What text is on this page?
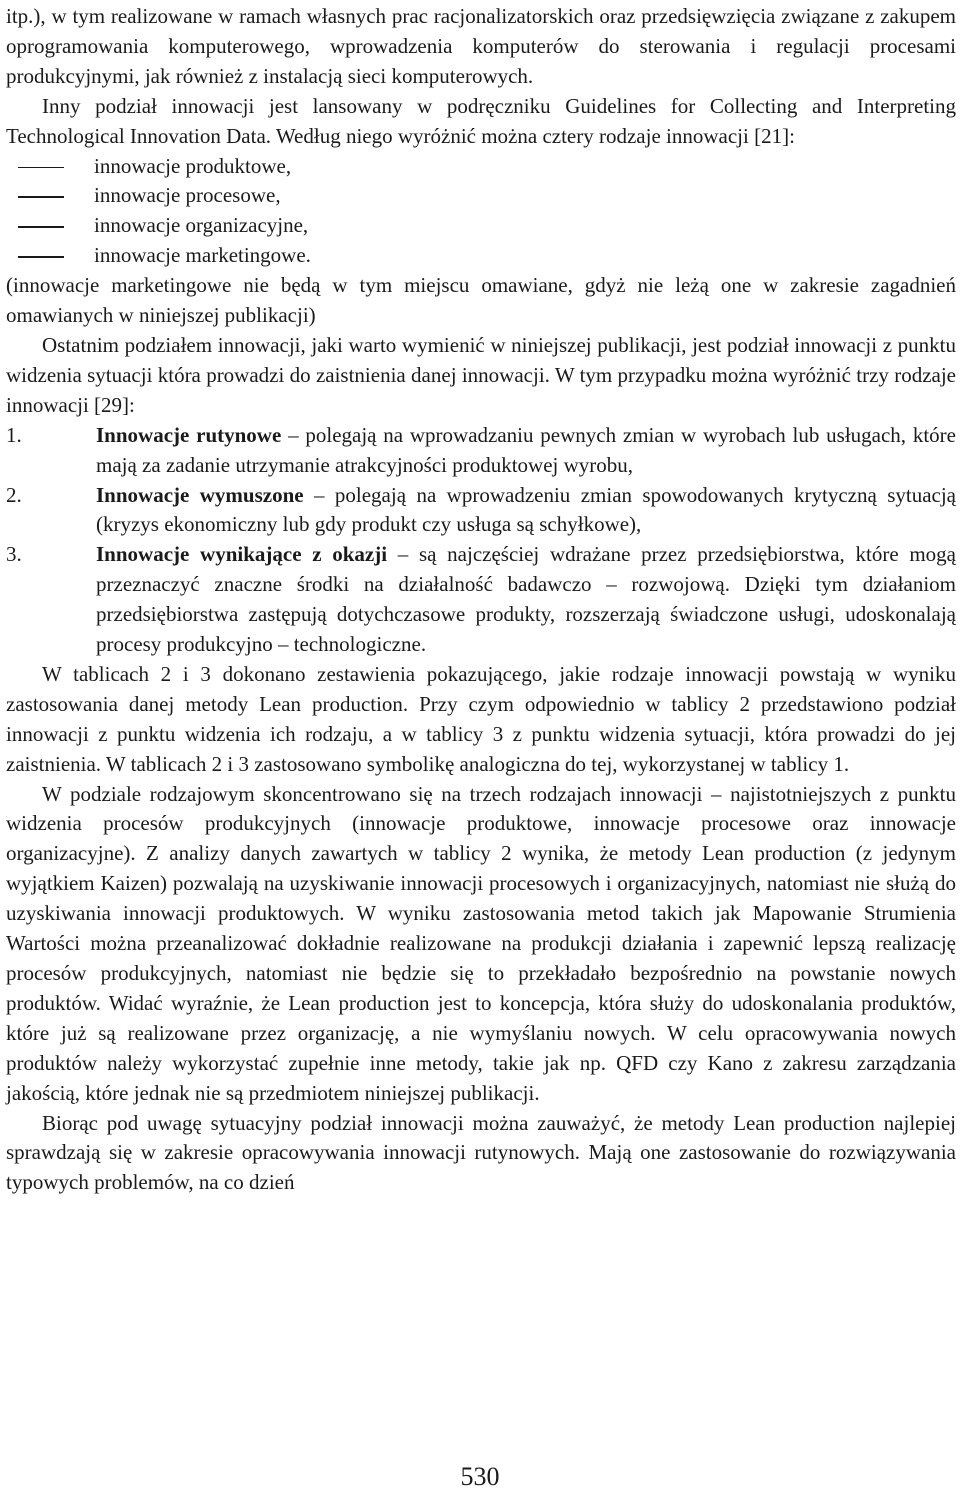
itp.), w tym realizowane w ramach własnych prac racjonalizatorskich oraz przedsięwzięcia związane z zakupem oprogramowania komputerowego, wprowadzenia komputerów do sterowania i regulacji procesami produkcyjnymi, jak również z instalacją sieci komputerowych.

Inny podział innowacji jest lansowany w podręczniku Guidelines for Collecting and Interpreting Technological Innovation Data. Według niego wyróżnić można cztery rodzaje innowacji [21]:

innowacje produktowe,
innowacje procesowe,
innowacje organizacyjne,
innowacje marketingowe.

(innowacje marketingowe nie będą w tym miejscu omawiane, gdyż nie leżą one w zakresie zagadnień omawianych w niniejszej publikacji)

Ostatnim podziałem innowacji, jaki warto wymienić w niniejszej publikacji, jest podział innowacji z punktu widzenia sytuacji która prowadzi do zaistnienia danej innowacji. W tym przypadku można wyróżnić trzy rodzaje innowacji [29]:

1.	Innowacje rutynowe – polegają na wprowadzaniu pewnych zmian w wyrobach lub usługach, które mają za zadanie utrzymanie atrakcyjności produktowej wyrobu,
2.	Innowacje wymuszone – polegają na wprowadzeniu zmian spowodowanych krytyczną sytuacją (kryzys ekonomiczny lub gdy produkt czy usługa są schyłkowe),
3.	Innowacje wynikające z okazji – są najczęściej wdrażane przez przedsiębiorstwa, które mogą przeznaczyć znaczne środki na działalność badawczo – rozwojową. Dzięki tym działaniom przedsiębiorstwa zastępują dotychczasowe produkty, rozszerzają świadczone usługi, udoskonalają procesy produkcyjno – technologiczne.

W tablicach 2 i 3 dokonano zestawienia pokazującego, jakie rodzaje innowacji powstają w wyniku zastosowania danej metody Lean production. Przy czym odpowiednio w tablicy 2 przedstawiono podział innowacji z punktu widzenia ich rodzaju, a w tablicy 3 z punktu widzenia sytuacji, która prowadzi do jej zaistnienia. W tablicach 2 i 3 zastosowano symbolikę analogiczna do tej, wykorzystanej w tablicy 1.

W podziale rodzajowym skoncentrowano się na trzech rodzajach innowacji – najistotniejszych z punktu widzenia procesów produkcyjnych (innowacje produktowe, innowacje procesowe oraz innowacje organizacyjne). Z analizy danych zawartych w tablicy 2 wynika, że metody Lean production (z jedynym wyjątkiem Kaizen) pozwalają na uzyskiwanie innowacji procesowych i organizacyjnych, natomiast nie służą do uzyskiwania innowacji produktowych. W wyniku zastosowania metod takich jak Mapowanie Strumienia Wartości można przeanalizować dokładnie realizowane na produkcji działania i zapewnić lepszą realizację procesów produkcyjnych, natomiast nie będzie się to przekładało bezpośrednio na powstanie nowych produktów. Widać wyraźnie, że Lean production jest to koncepcja, która służy do udoskonalania produktów, które już są realizowane przez organizację, a nie wymyślaniu nowych. W celu opracowywania nowych produktów należy wykorzystać zupełnie inne metody, takie jak np. QFD czy Kano z zakresu zarządzania jakością, które jednak nie są przedmiotem niniejszej publikacji.

Biorąc pod uwagę sytuacyjny podział innowacji można zauważyć, że metody Lean production najlepiej sprawdzają się w zakresie opracowywania innowacji rutynowych. Mają one zastosowanie do rozwiązywania typowych problemów, na co dzień

530
